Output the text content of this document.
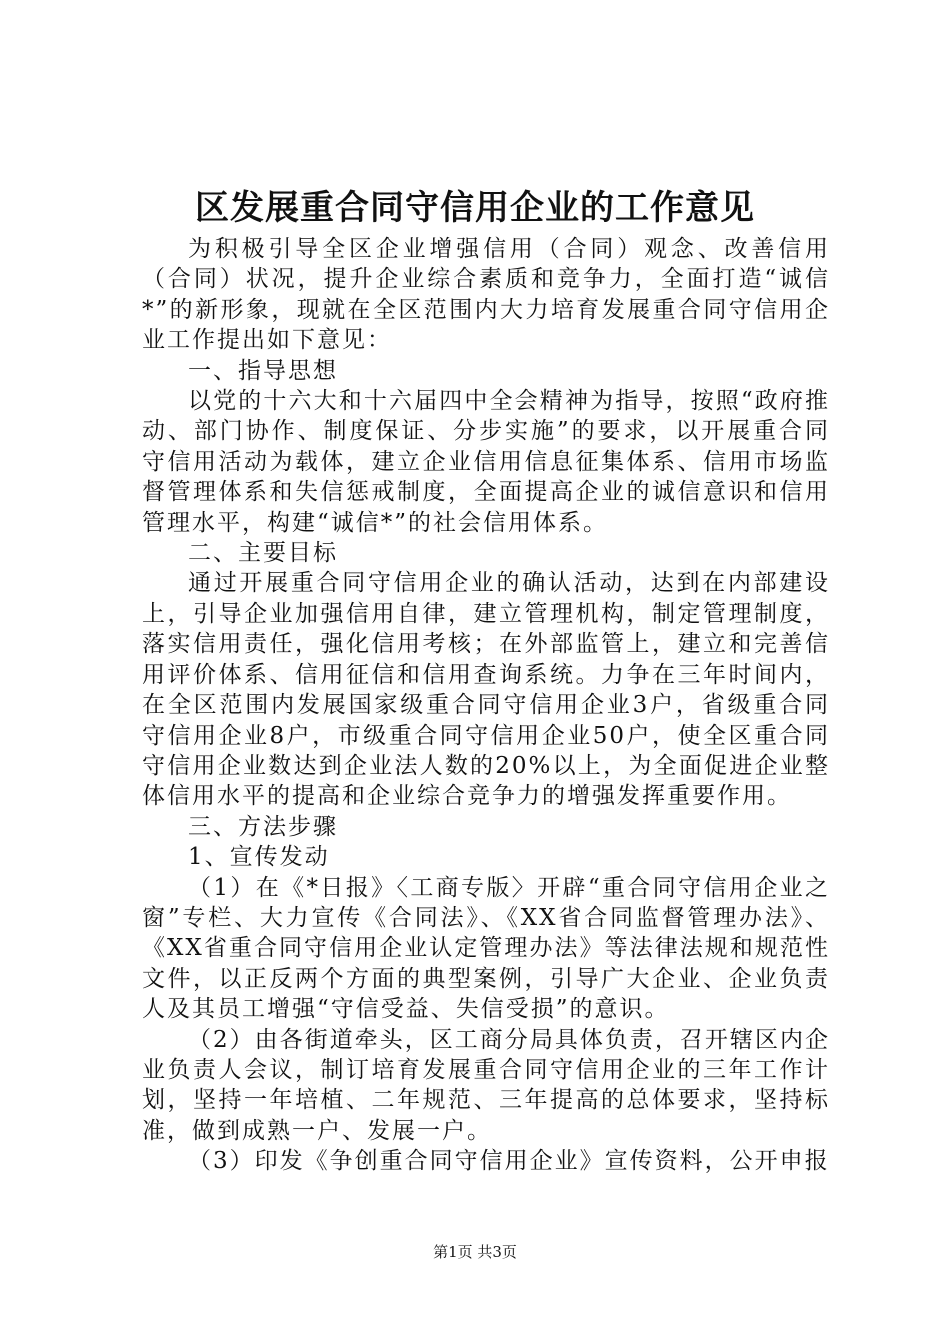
区发展重合同守信用企业的工作意见

为积极引导全区企业增强信用（合同）观念、改善信用（合同）状况，提升企业综合素质和竞争力，全面打造“诚信*”的新形象，现就在全区范围内大力培育发展重合同守信用企业工作提出如下意见：

一、指导思想

以党的十六大和十六届四中全会精神为指导，按照“政府推动、部门协作、制度保证、分步实施”的要求，以开展重合同守信用活动为载体，建立企业信用信息征集体系、信用市场监督管理体系和失信惩戒制度，全面提高企业的诚信意识和信用管理水平，构建“诚信*”的社会信用体系。

二、主要目标

通过开展重合同守信用企业的确认活动，达到在内部建设上，引导企业加强信用自律，建立管理机构，制定管理制度，落实信用责任，强化信用考核；在外部监管上，建立和完善信用评价体系、信用征信和信用查询系统。力争在三年时间内，在全区范围内发展国家级重合同守信用企业3户，省级重合同守信用企业8户，市级重合同守信用企业50户，使全区重合同守信用企业数达到企业法人数的20%以上，为全面促进企业整体信用水平的提高和企业综合竞争力的增强发挥重要作用。

三、方法步骤

1、宣传发动

（1）在《*日报》〈工商专版〉开辟“重合同守信用企业之窗”专栏、大力宣传《合同法》、《XX省合同监督管理办法》、《XX省重合同守信用企业认定管理办法》等法律法规和规范性文件，以正反两个方面的典型案例，引导广大企业、企业负责人及其员工增强“守信受益、失信受损”的意识。

（2）由各街道牵头，区工商分局具体负责，召开辖区内企业负责人会议，制订培育发展重合同守信用企业的三年工作计划，坚持一年培植、二年规范、三年提高的总体要求，坚持标准，做到成熟一户、发展一户。

（3）印发《争创重合同守信用企业》宣传资料，公开申报

第1页 共3页
